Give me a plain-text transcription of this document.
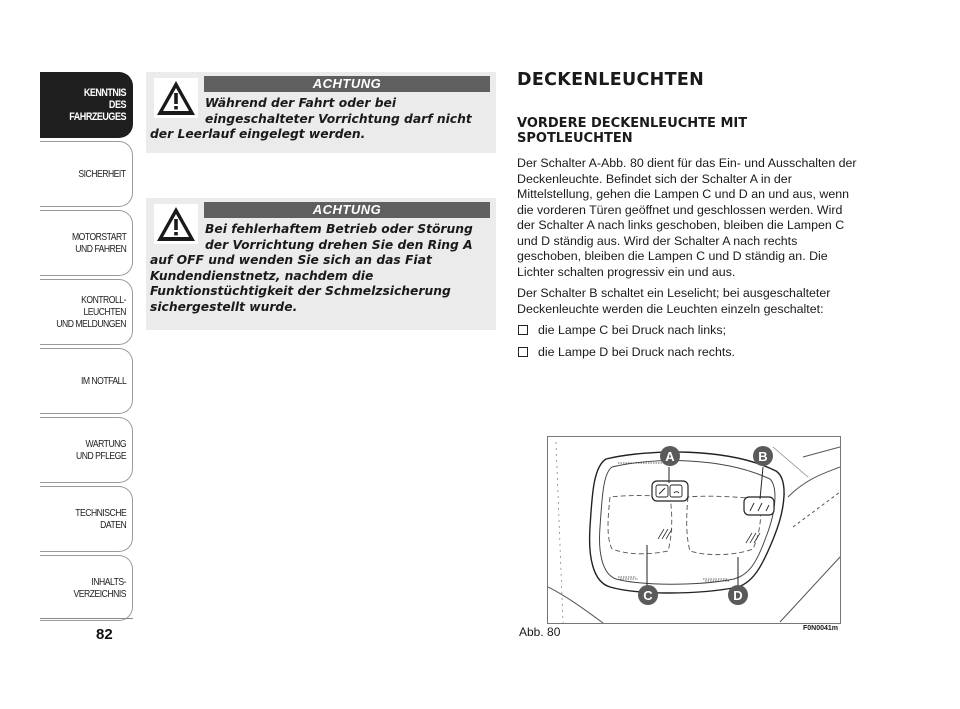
KENNTNIS
DES FAHRZEUGES
SICHERHEIT
MOTORSTART
UND FAHREN
KONTROLL-
LEUCHTEN
UND MELDUNGEN
IM NOTFALL
WARTUNG
UND PFLEGE
TECHNISCHE
DATEN
INHALTS-
VERZEICHNIS
82
ACHTUNG
Während der Fahrt oder bei eingeschalteter Vorrichtung darf nicht
der Leerlauf eingelegt werden.
ACHTUNG
Bei fehlerhaftem Betrieb oder Störung der Vorrichtung drehen Sie den Ring A
auf OFF und wenden Sie sich an das Fiat Kundendienstnetz, nachdem die Funktionstüchtigkeit der Schmelzsicherung sichergestellt wurde.
DECKENLEUCHTEN
VORDERE DECKENLEUCHTE MIT SPOTLEUCHTEN

Der Schalter A-Abb. 80 dient für das Ein- und Ausschalten der Deckenleuchte. Befindet sich der Schalter A in der Mittelstellung, gehen die Lampen C und D an und aus, wenn die vorderen Türen geöffnet und geschlossen werden. Wird der Schalter A nach links geschoben, bleiben die Lampen C und D ständig aus. Wird der Schalter A nach rechts geschoben, bleiben die Lampen C und D ständig an. Die Lichter schalten progressiv ein und aus.

Der Schalter B schaltet ein Leselicht; bei ausgeschalteter Deckenleuchte werden die Leuchten einzeln geschaltet:

die Lampe C bei Druck nach links;
die Lampe D bei Druck nach rechts.
A	B
C	D
Abb. 80	F0N0041m
